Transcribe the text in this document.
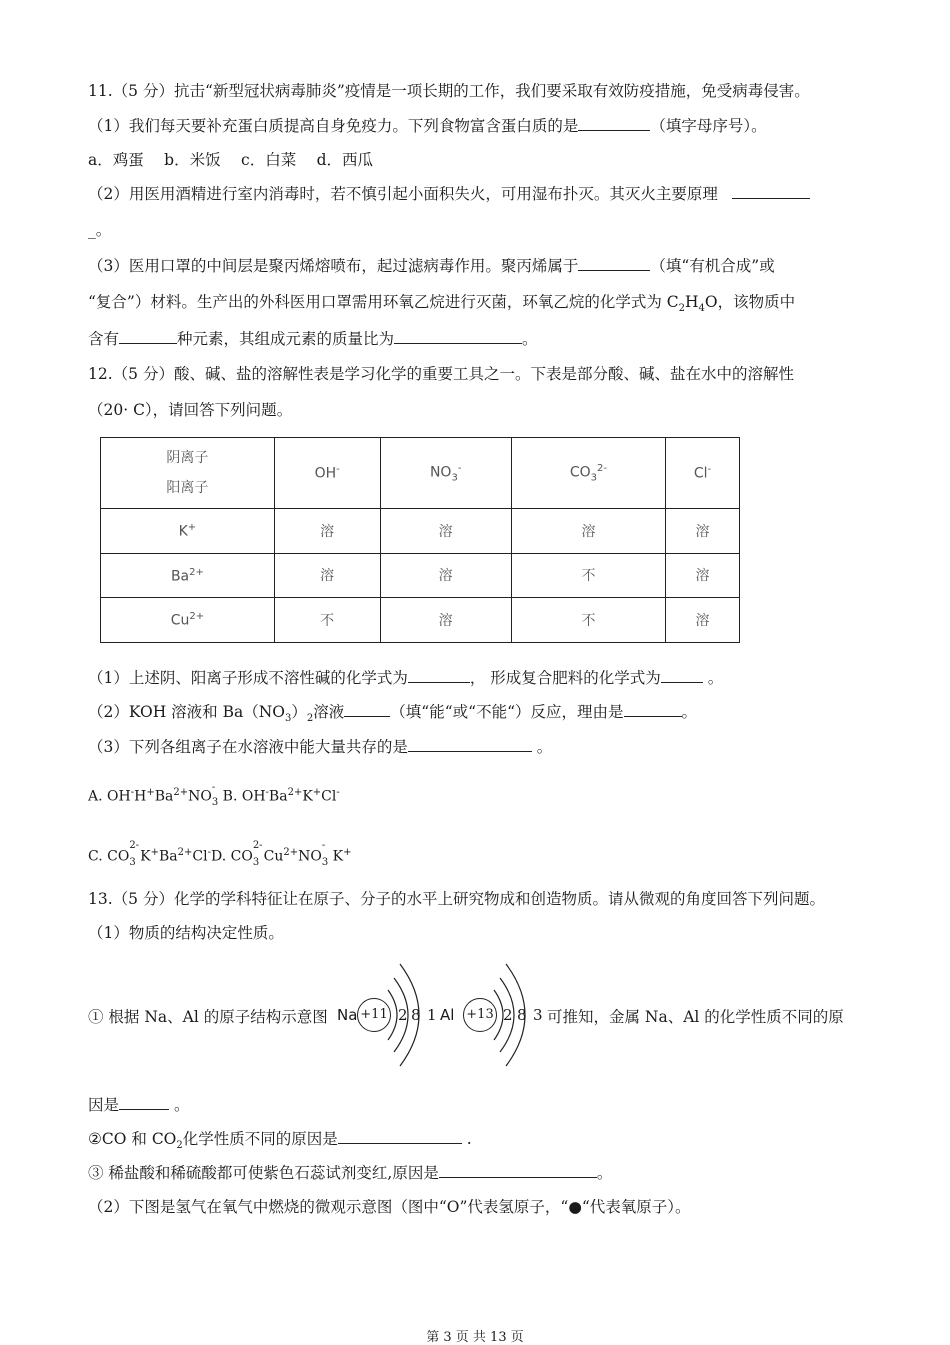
11.（5 分）抗击“新型冠状病毒肺炎”疫情是一项长期的工作，我们要采取有效防疫措施，免受病毒侵害。
（1）我们每天要补充蛋白质提高自身免疫力。下列食物富含蛋白质的是	（填字母序号）。
a．鸡蛋　 b．米饭　 c．白菜　 d．西瓜
（2）用医用酒精进行室内消毒时，若不慎引起小面积失火，可用湿布扑灭。其灭火主要原理
_。
（3）医用口罩的中间层是聚丙烯熔喷布，起过滤病毒作用。聚丙烯属于	（填“有机合成”或
“复合”）材料。生产出的外科医用口罩需用环氧乙烷进行灭菌，环氧乙烷的化学式为 $C_2H_4O$，该物质中
含有	种元素，其组成元素的质量比为	。
12.（5 分）酸、碱、盐的溶解性表是学习化学的重要工具之一。下表是部分酸、碱、盐在水中的溶解性
（20· C），请回答下列问题。
阴离子
阳离子	OH-	$NO_3^-$	$CO_3^{2-}$	Cl-
K+	溶	溶	溶	溶
$Ba^{2+}$	溶	溶	不	溶
$Cu^{2+}$	不	溶	不	溶
（1）上述阴、阳离子形成不溶性碱的化学式为	， 形成复合肥料的化学式为	。
（2）KOH 溶液和 $Ba(NO_3)_2$溶液	（填“能“或“不能“）反应，理由是	。
（3）下列各组离子在水溶液中能大量共存的是	。
A. $OH^-H^+Ba^{2+}NO$
-
$_3$ B. $OH^-Ba^{2+}K^+Cl^-$
C. CO
2-
$_3$ $K^+Ba^{2+}Cl^-D$. CO
2-
$_3$ $Cu^{2+}NO$
-
$_3$ K+
13.（5 分）化学的学科特征让在原子、分子的水平上研究物成和创造物质。请从微观的角度回答下列问题。
（1）物质的结构决定性质。
① 根据 Na、Al 的原子结构示意图 Na +11 2 8 1 Al +13 2 8 3 可推知，金属 Na、Al 的化学性质不同的原
因是	。
②CO 和 $CO_2$化学性质不同的原因是	.
③ 稀盐酸和稀硫酸都可使紫色石蕊试剂变红,原因是	。
（2）下图是氢气在氧气中燃烧的微观示意图（图中“O”代表氢原子，“●“代表氧原子）。
第 3 页 共 13 页
